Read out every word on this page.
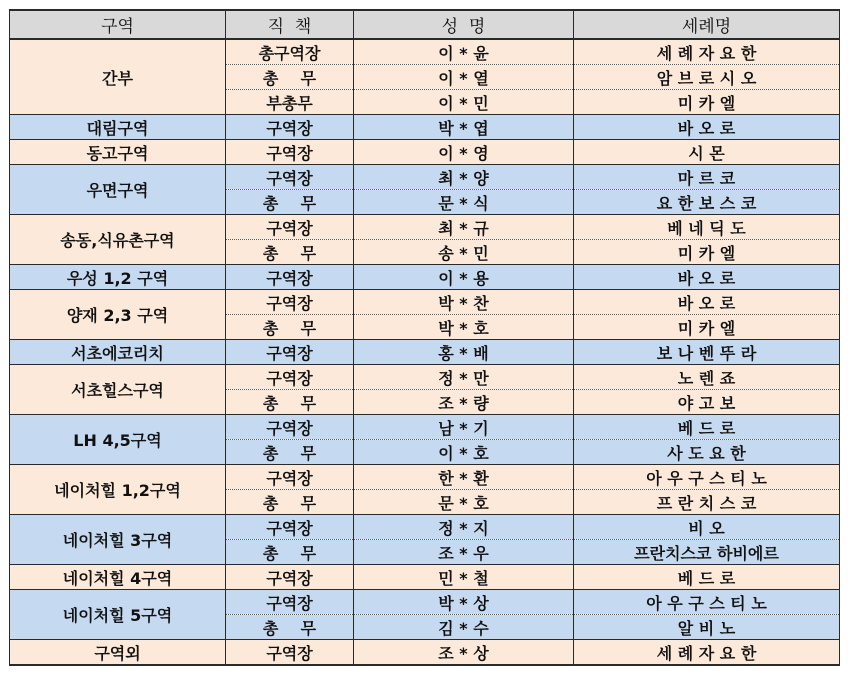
구역	직  책	성  명	세례명
간부	총구역장	이 * 윤	세 례 자 요 한
	총    무	이 * 열	암 브 로 시 오
	부총무	이 * 민	미 카 엘
대림구역	구역장	박 * 엽	바 오 로
동고구역	구역장	이 * 영	시 몬
우면구역	구역장	최 * 양	마 르 코
	총    무	문 * 식	요 한 보 스 코
송동,식유촌구역	구역장	최 * 규	베 네 딕 도
	총    무	송 * 민	미 카 엘
우성 1,2 구역	구역장	이 * 용	바 오 로
양재 2,3 구역	구역장	박 * 찬	바 오 로
	총    무	박 * 호	미 카 엘
서초에코리치	구역장	홍 * 배	보 나 벤 뚜 라
서초힐스구역	구역장	정 * 만	노 렌 죠
	총    무	조 * 량	야 고 보
LH 4,5구역	구역장	남 * 기	베 드 로
	총    무	이 * 호	사 도 요 한
네이처힐 1,2구역	구역장	한 * 환	아 우 구 스 티 노
	총    무	문 * 호	프 란 치 스 코
네이처힐 3구역	구역장	정 * 지	비 오
	총    무	조 * 우	프란치스코 하비에르
네이처힐 4구역	구역장	민 * 철	베 드 로
네이처힐 5구역	구역장	박 * 상	아 우 구 스 티 노
	총    무	김 * 수	알 비 노
구역외	구역장	조 * 상	세 례 자 요 한
